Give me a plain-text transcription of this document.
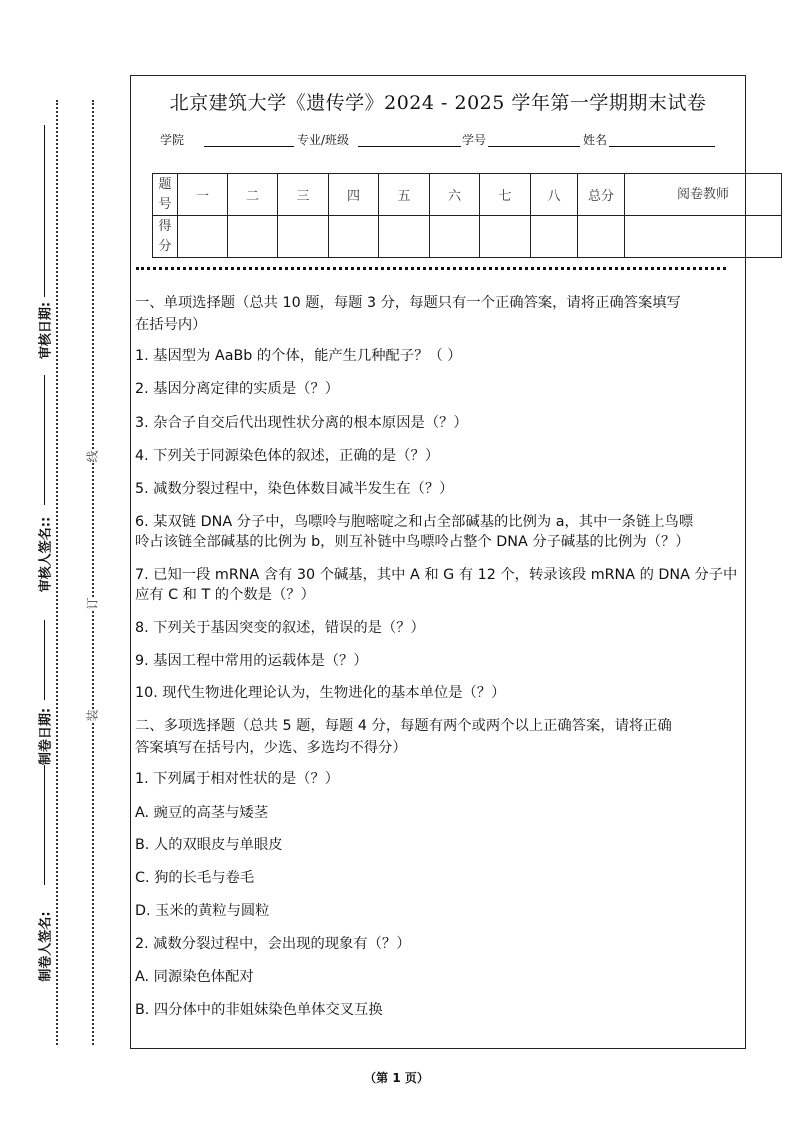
审核日期:
审核人签名::
制卷日期:
制卷人签名:
线
订
装
北京建筑大学《遗传学》2024 - 2025 学年第一学期期末试卷
学院	专业/班级	学号	姓名
题号	一	二	三	四	五	六	七	八	总分	阅卷教师
得分										
一、单项选择题（总共 10 题，每题 3 分，每题只有一个正确答案，请将正确答案填写
在括号内）
1. 基因型为 AaBb 的个体，能产生几种配子？（ ）
2. 基因分离定律的实质是（？）
3. 杂合子自交后代出现性状分离的根本原因是（？）
4. 下列关于同源染色体的叙述，正确的是（？）
5. 减数分裂过程中，染色体数目减半发生在（？）
6. 某双链 DNA 分子中，鸟嘌呤与胞嘧啶之和占全部碱基的比例为 a，其中一条链上鸟嘌
呤占该链全部碱基的比例为 b，则互补链中鸟嘌呤占整个 DNA 分子碱基的比例为（？）
7. 已知一段 mRNA 含有 30 个碱基，其中 A 和 G 有 12 个，转录该段 mRNA 的 DNA 分子中
应有 C 和 T 的个数是（？）
8. 下列关于基因突变的叙述，错误的是（？）
9. 基因工程中常用的运载体是（？）
10. 现代生物进化理论认为，生物进化的基本单位是（？）
二、多项选择题（总共 5 题，每题 4 分，每题有两个或两个以上正确答案，请将正确
答案填写在括号内，少选、多选均不得分）
1. 下列属于相对性状的是（？）
A. 豌豆的高茎与矮茎
B. 人的双眼皮与单眼皮
C. 狗的长毛与卷毛
D. 玉米的黄粒与圆粒
2. 减数分裂过程中，会出现的现象有（？）
A. 同源染色体配对
B. 四分体中的非姐妹染色单体交叉互换
（第 1 页）
